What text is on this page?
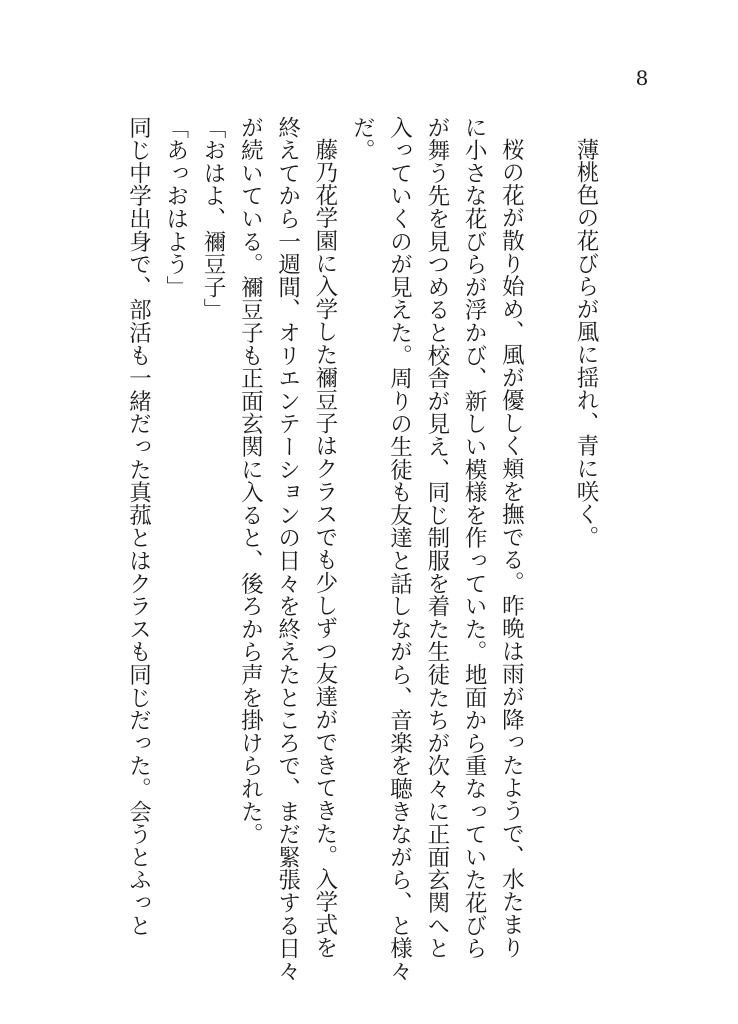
8
薄桃色の花びらが風に揺れ、青に咲く。
桜の花が散り始め、風が優しく頬を撫でる。昨晩は雨が降ったようで、水たまり
に小さな花びらが浮かび、新しい模様を作っていた。地面から重なっていた花びら
が舞う先を見つめると校舎が見え、同じ制服を着た生徒たちが次々に正面玄関へと
入っていくのが見えた。周りの生徒も友達と話しながら、音楽を聴きながら、と様々
だ。
藤乃花学園に入学した禰豆子はクラスでも少しずつ友達ができてきた。入学式を
終えてから一週間、オリエンテーションの日々を終えたところで、まだ緊張する日々
が続いている。禰豆子も正面玄関に入ると、後ろから声を掛けられた。
「おはよ、禰豆子」
「あっおはよう」
同じ中学出身で、部活も一緒だった真菰とはクラスも同じだった。会うとふっと
